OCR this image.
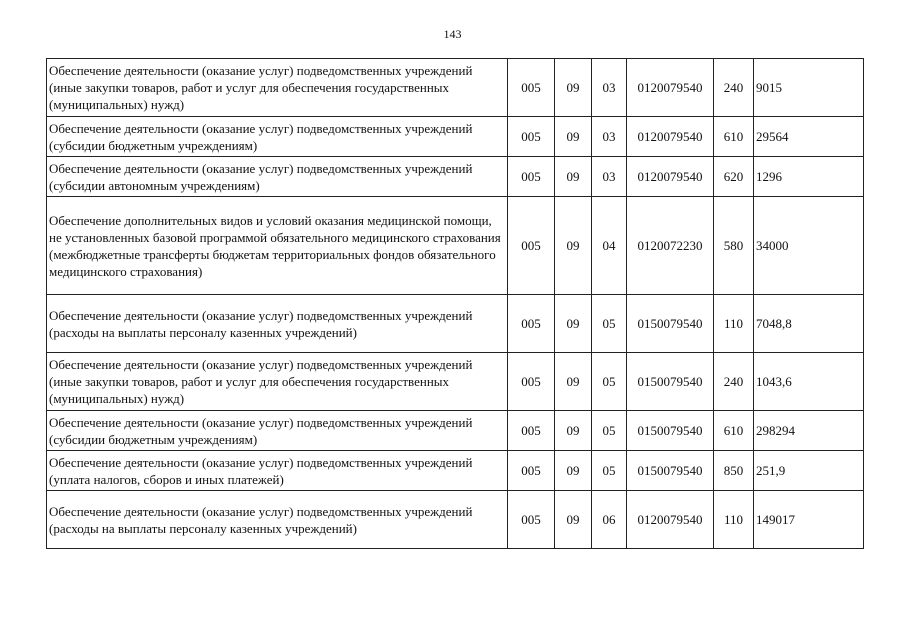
143
Обеспечение деятельности (оказание услуг) подведомственных учреждений (иные закупки товаров, работ и услуг для обеспечения государственных (муниципальных) нужд)	005	09	03	0120079540	240	9015
Обеспечение деятельности (оказание услуг) подведомственных учреждений (субсидии бюджетным учреждениям)	005	09	03	0120079540	610	29564
Обеспечение деятельности (оказание услуг) подведомственных учреждений (субсидии автономным учреждениям)	005	09	03	0120079540	620	1296
Обеспечение дополнительных видов и условий оказания медицинской помощи, не установленных базовой программой обязательного медицинского страхования (межбюджетные трансферты бюджетам территориальных фондов обязательного медицинского страхования)	005	09	04	0120072230	580	34000
Обеспечение деятельности (оказание услуг) подведомственных учреждений (расходы на выплаты персоналу казенных учреждений)	005	09	05	0150079540	110	7048,8
Обеспечение деятельности (оказание услуг) подведомственных учреждений (иные закупки товаров, работ и услуг для обеспечения государственных (муниципальных) нужд)	005	09	05	0150079540	240	1043,6
Обеспечение деятельности (оказание услуг) подведомственных учреждений (субсидии бюджетным учреждениям)	005	09	05	0150079540	610	298294
Обеспечение деятельности (оказание услуг) подведомственных учреждений (уплата налогов, сборов и иных платежей)	005	09	05	0150079540	850	251,9
Обеспечение деятельности (оказание услуг) подведомственных учреждений (расходы на выплаты персоналу казенных учреждений)	005	09	06	0120079540	110	149017
